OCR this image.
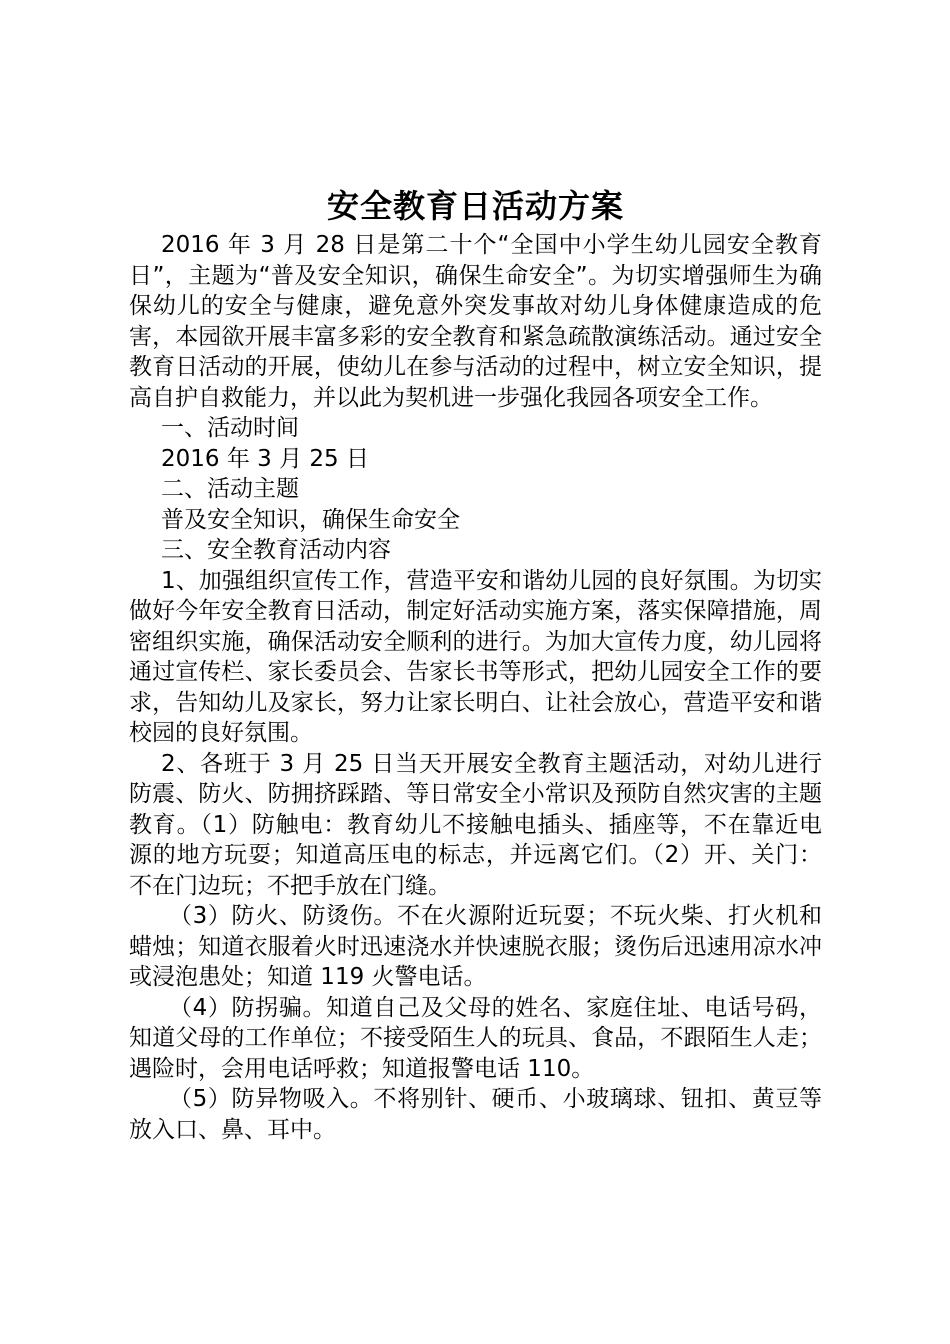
安全教育日活动方案

2016 年 3 月 28 日是第二十个“全国中小学生幼儿园安全教育日”，主题为“普及安全知识，确保生命安全”。为切实增强师生为确保幼儿的安全与健康，避免意外突发事故对幼儿身体健康造成的危害，本园欲开展丰富多彩的安全教育和紧急疏散演练活动。通过安全教育日活动的开展，使幼儿在参与活动的过程中，树立安全知识，提高自护自救能力，并以此为契机进一步强化我园各项安全工作。

一、活动时间

2016 年 3 月 25 日

二、活动主题

普及安全知识，确保生命安全

三、安全教育活动内容

1、加强组织宣传工作，营造平安和谐幼儿园的良好氛围。为切实做好今年安全教育日活动，制定好活动实施方案，落实保障措施，周密组织实施，确保活动安全顺利的进行。为加大宣传力度，幼儿园将通过宣传栏、家长委员会、告家长书等形式，把幼儿园安全工作的要求，告知幼儿及家长，努力让家长明白、让社会放心，营造平安和谐校园的良好氛围。

2、各班于 3 月 25 日当天开展安全教育主题活动，对幼儿进行防震、防火、防拥挤踩踏、等日常安全小常识及预防自然灾害的主题教育。（1）防触电：教育幼儿不接触电插头、插座等，不在靠近电源的地方玩耍；知道高压电的标志，并远离它们。（2）开、关门：不在门边玩；不把手放在门缝。

（3）防火、防烫伤。不在火源附近玩耍；不玩火柴、打火机和蜡烛；知道衣服着火时迅速浇水并快速脱衣服；烫伤后迅速用凉水冲或浸泡患处；知道 119 火警电话。

（4）防拐骗。知道自己及父母的姓名、家庭住址、电话号码，知道父母的工作单位；不接受陌生人的玩具、食品，不跟陌生人走；遇险时，会用电话呼救；知道报警电话 110。

（5）防异物吸入。不将别针、硬币、小玻璃球、钮扣、黄豆等放入口、鼻、耳中。
